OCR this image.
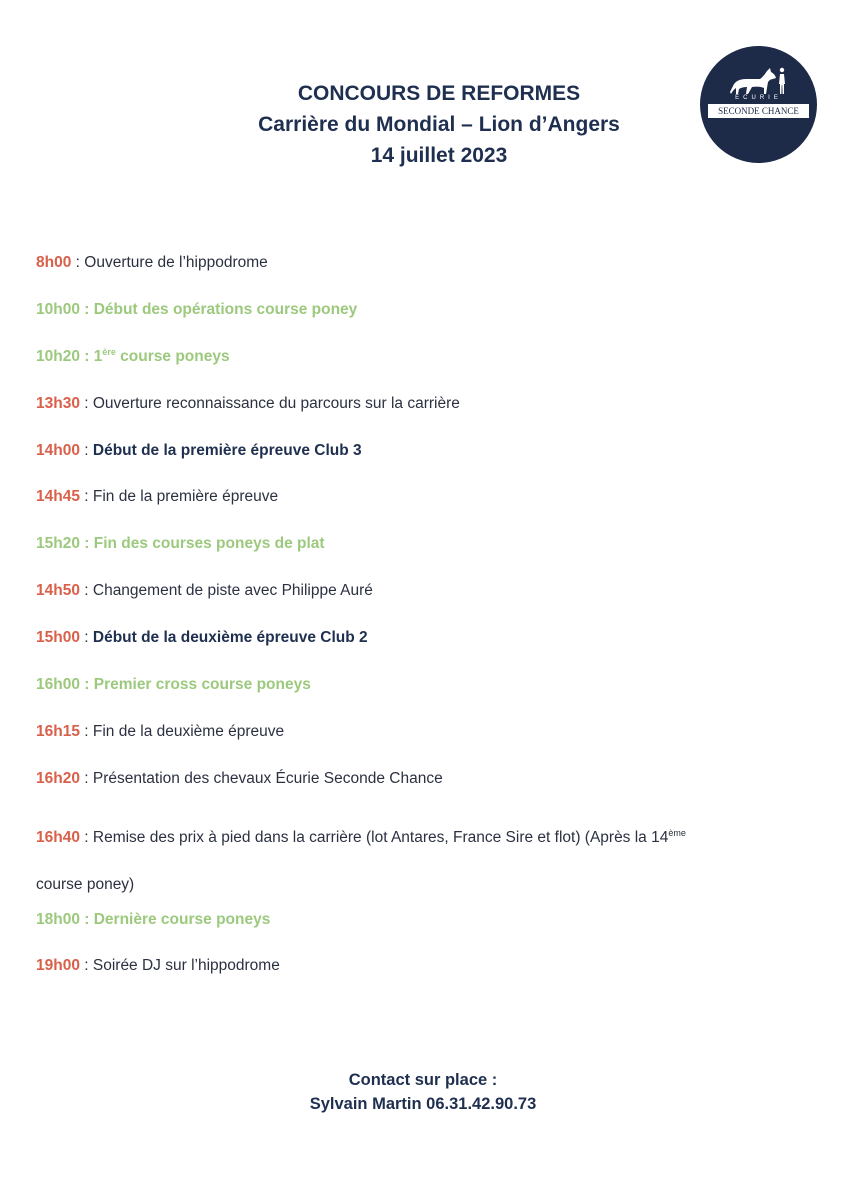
CONCOURS DE REFORMES
Carrière du Mondial – Lion d’Angers
14 juillet 2023
ÉCURIE
SECONDE CHANCE
8h00 : Ouverture de l’hippodrome
10h00 : Début des opérations course poney
10h20 : 1ère course poneys
13h30 : Ouverture reconnaissance du parcours sur la carrière
14h00 : Début de la première épreuve Club 3
14h45 : Fin de la première épreuve
15h20 : Fin des courses poneys de plat
14h50 : Changement de piste avec Philippe Auré
15h00 : Début de la deuxième épreuve Club 2
16h00 : Premier cross course poneys
16h15 : Fin de la deuxième épreuve
16h20 : Présentation des chevaux Écurie Seconde Chance
16h40 : Remise des prix à pied dans la carrière (lot Antares, France Sire et flot) (Après la 14ème
course poney)
18h00 : Dernière course poneys
19h00 : Soirée DJ sur l’hippodrome
Contact sur place :
Sylvain Martin 06.31.42.90.73
